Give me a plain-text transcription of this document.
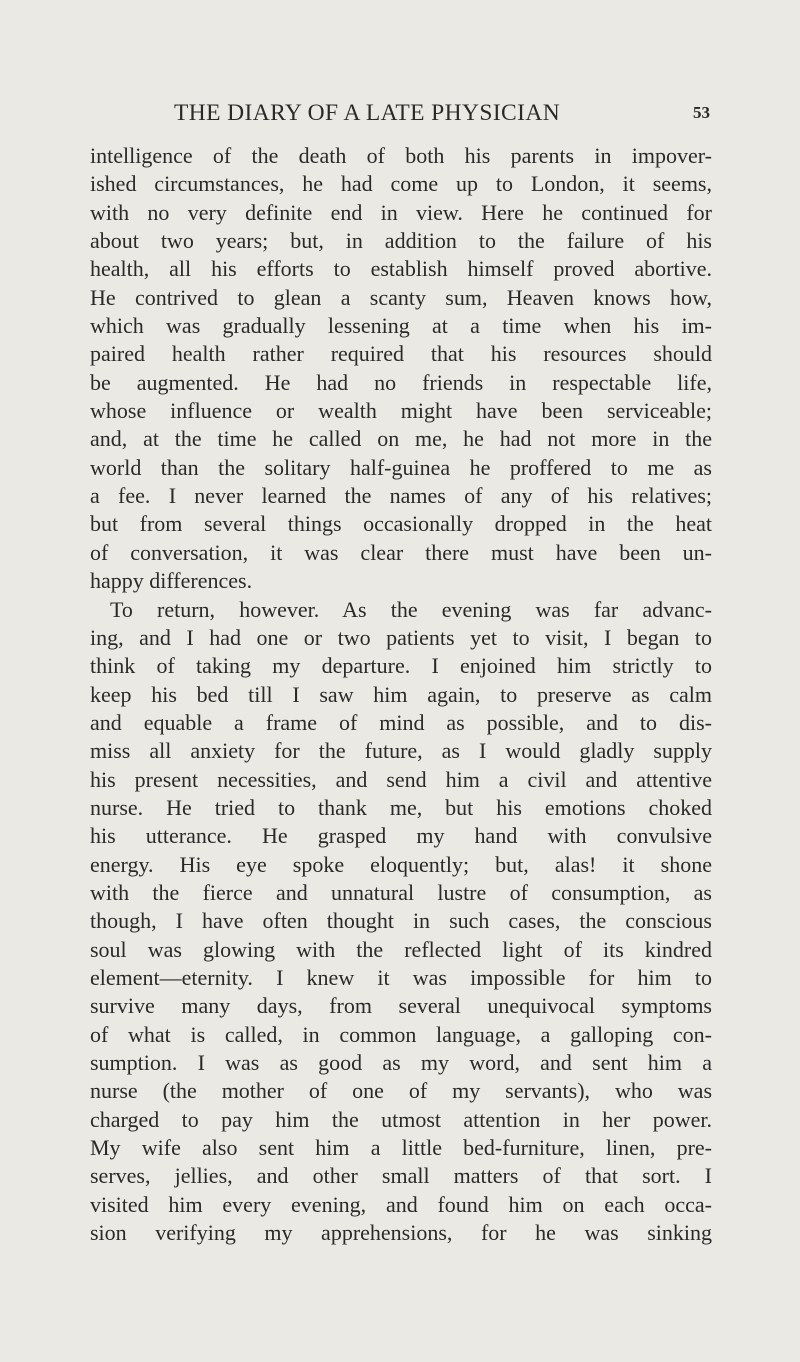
THE DIARY OF A LATE PHYSICIAN	53
intelligence of the death of both his parents in impover-
ished circumstances, he had come up to London, it seems,
with no very definite end in view. Here he continued for
about two years; but, in addition to the failure of his
health, all his efforts to establish himself proved abortive.
He contrived to glean a scanty sum, Heaven knows how,
which was gradually lessening at a time when his im-
paired health rather required that his resources should
be augmented. He had no friends in respectable life,
whose influence or wealth might have been serviceable;
and, at the time he called on me, he had not more in the
world than the solitary half-guinea he proffered to me as
a fee. I never learned the names of any of his relatives;
but from several things occasionally dropped in the heat
of conversation, it was clear there must have been un-
happy differences.
To return, however. As the evening was far advanc-
ing, and I had one or two patients yet to visit, I began to
think of taking my departure. I enjoined him strictly to
keep his bed till I saw him again, to preserve as calm
and equable a frame of mind as possible, and to dis-
miss all anxiety for the future, as I would gladly supply
his present necessities, and send him a civil and attentive
nurse. He tried to thank me, but his emotions choked
his utterance. He grasped my hand with convulsive
energy. His eye spoke eloquently; but, alas! it shone
with the fierce and unnatural lustre of consumption, as
though, I have often thought in such cases, the conscious
soul was glowing with the reflected light of its kindred
element—eternity. I knew it was impossible for him to
survive many days, from several unequivocal symptoms
of what is called, in common language, a galloping con-
sumption. I was as good as my word, and sent him a
nurse (the mother of one of my servants), who was
charged to pay him the utmost attention in her power.
My wife also sent him a little bed-furniture, linen, pre-
serves, jellies, and other small matters of that sort. I
visited him every evening, and found him on each occa-
sion verifying my apprehensions, for he was sinking
